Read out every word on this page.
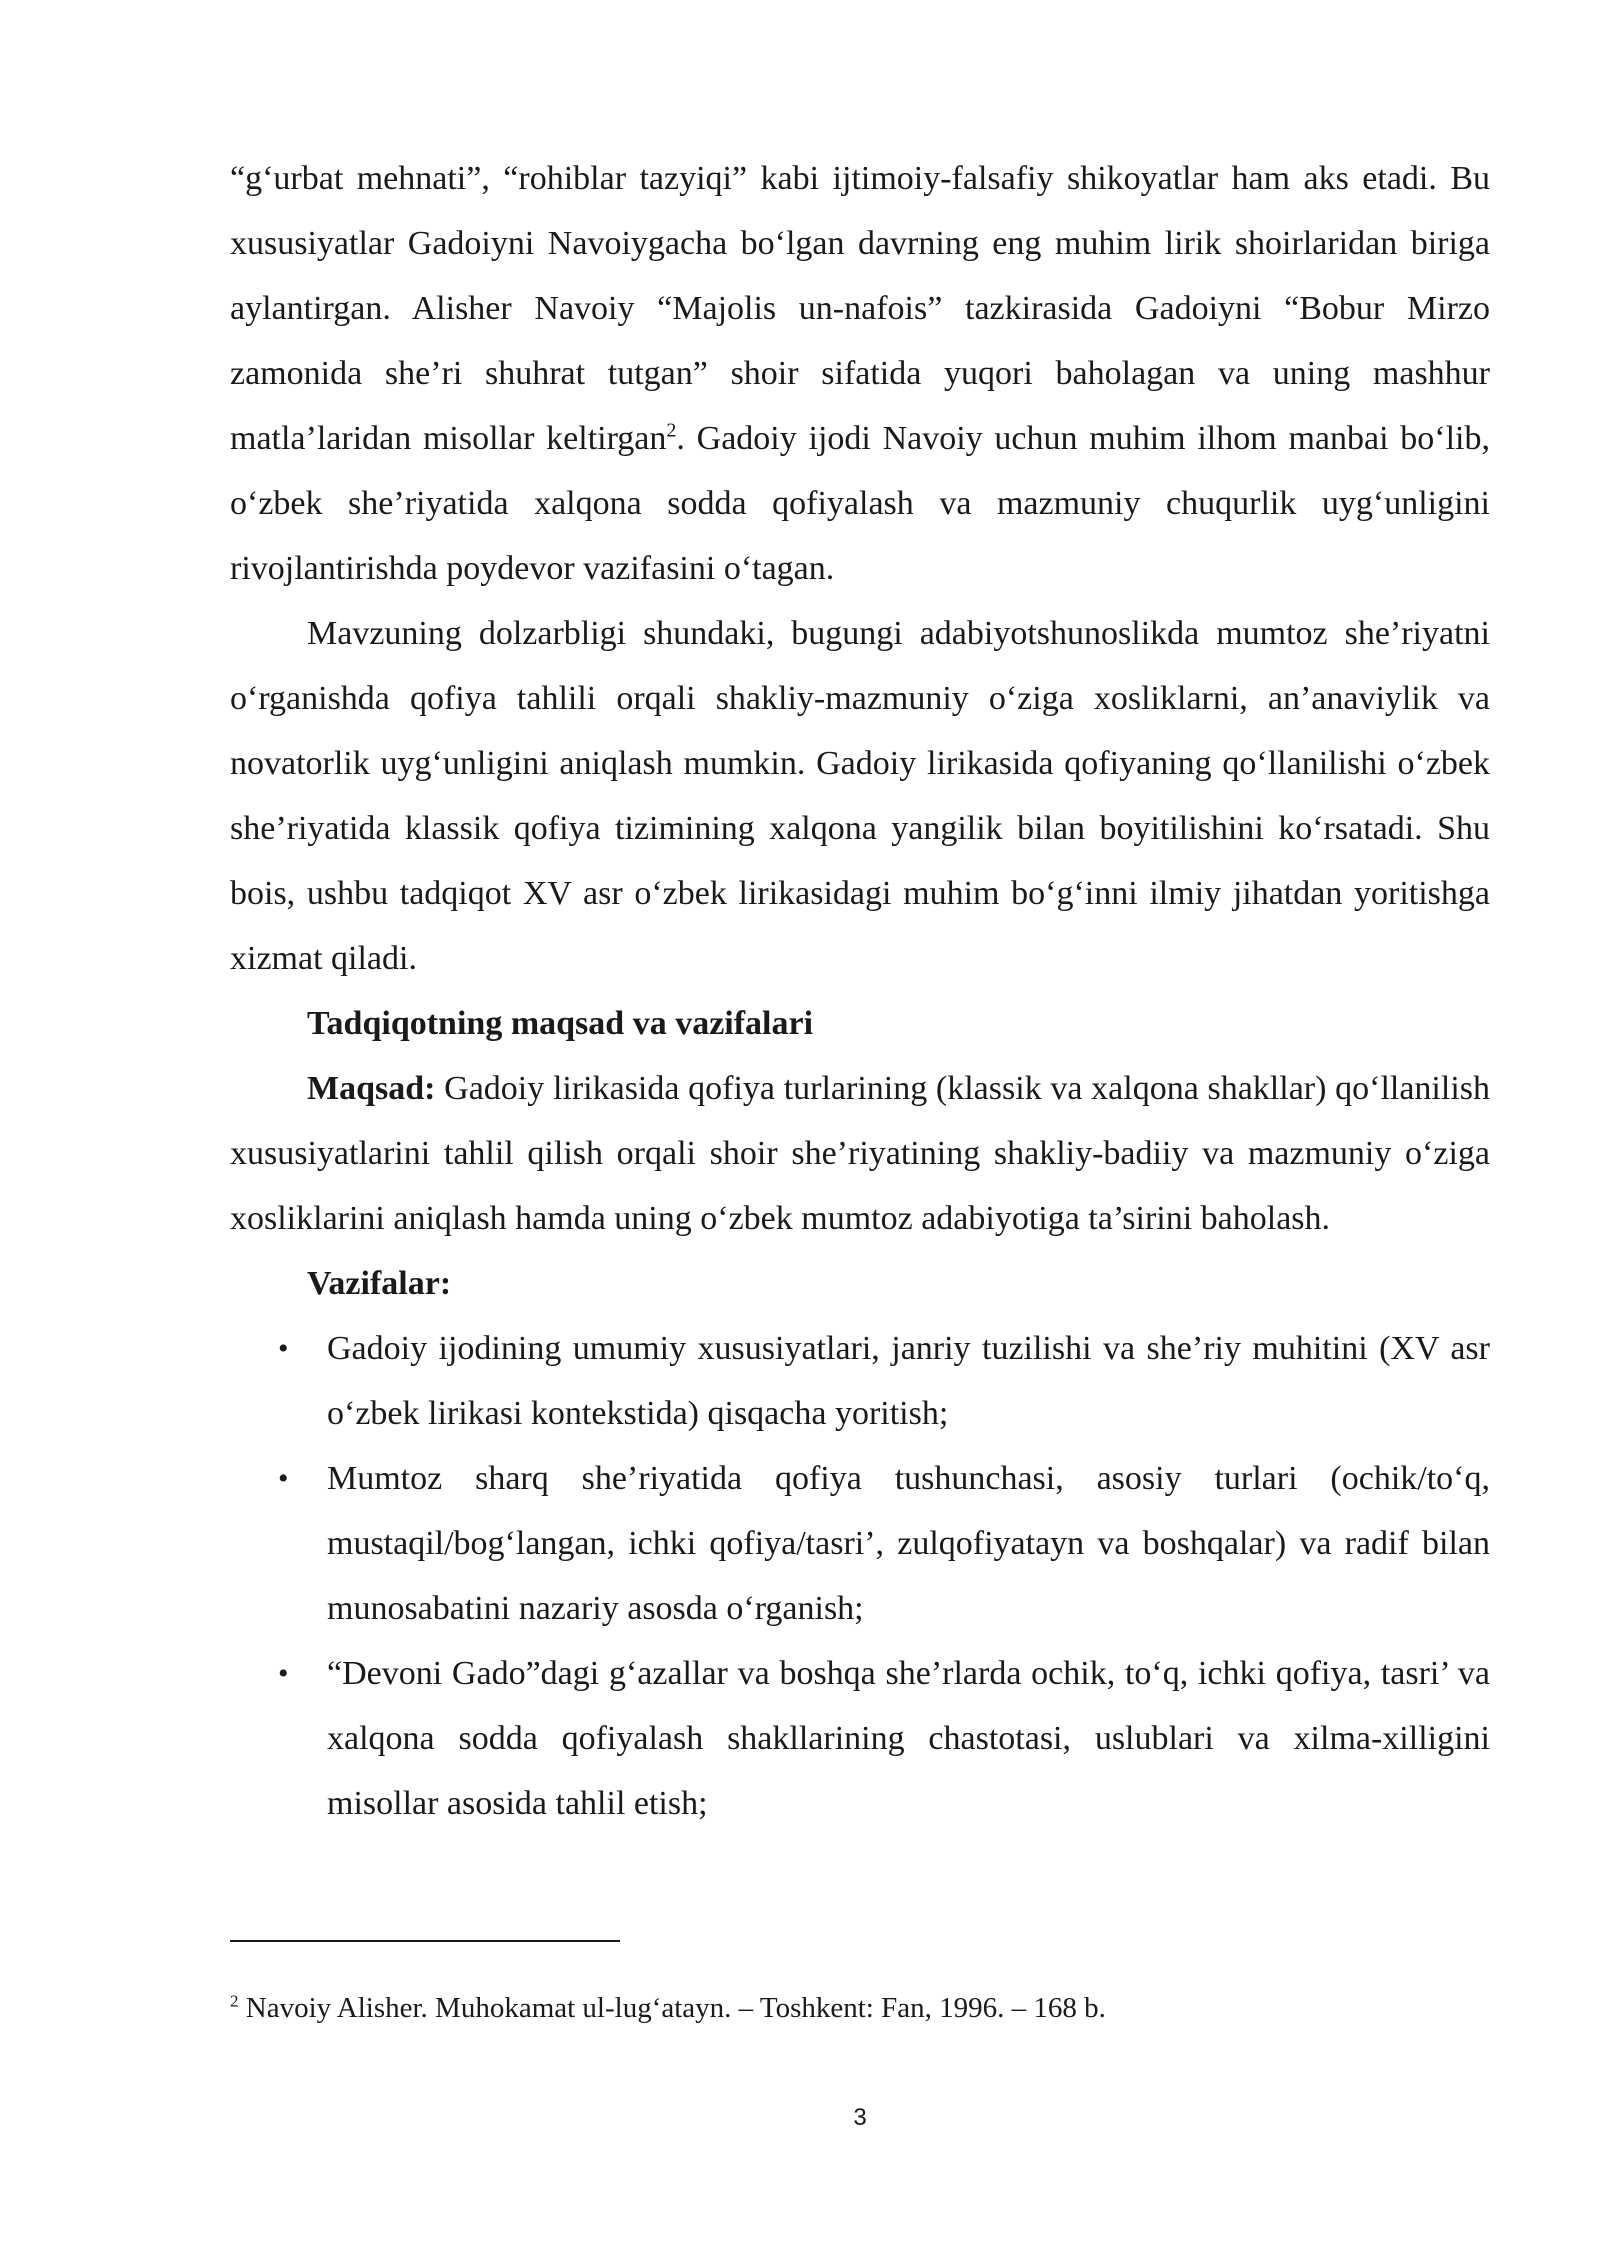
“g‘urbat mehnati”, “rohiblar tazyiqi” kabi ijtimoiy-falsafiy shikoyatlar ham aks etadi. Bu xususiyatlar Gadoiyni Navoiygacha bo‘lgan davrning eng muhim lirik shoirlaridan biriga aylantirgan. Alisher Navoiy “Majolis un-nafois” tazkirasida Gadoiyni “Bobur Mirzo zamonida she’ri shuhrat tutgan” shoir sifatida yuqori baholagan va uning mashhur matla’laridan misollar keltirgan$^2$. Gadoiy ijodi Navoiy uchun muhim ilhom manbai bo‘lib, o‘zbek she’riyatida xalqona sodda qofiyalash va mazmuniy chuqurlik uyg‘unligini rivojlantirishda poydevor vazifasini o‘tagan.

Mavzuning dolzarbligi shundaki, bugungi adabiyotshunoslikda mumtoz she’riyatni o‘rganishda qofiya tahlili orqali shakliy-mazmuniy o‘ziga xosliklarni, an’anaviylik va novatorlik uyg‘unligini aniqlash mumkin. Gadoiy lirikasida qofiyaning qo‘llanilishi o‘zbek she’riyatida klassik qofiya tizimining xalqona yangilik bilan boyitilishini ko‘rsatadi. Shu bois, ushbu tadqiqot XV asr o‘zbek lirikasidagi muhim bo‘g‘inni ilmiy jihatdan yoritishga xizmat qiladi.

Tadqiqotning maqsad va vazifalari

Maqsad: Gadoiy lirikasida qofiya turlarining (klassik va xalqona shakllar) qo‘llanilish xususiyatlarini tahlil qilish orqali shoir she’riyatining shakliy-badiiy va mazmuniy o‘ziga xosliklarini aniqlash hamda uning o‘zbek mumtoz adabiyotiga ta’sirini baholash.

Vazifalar:

• Gadoiy ijodining umumiy xususiyatlari, janriy tuzilishi va she’riy muhitini (XV asr o‘zbek lirikasi kontekstida) qisqacha yoritish;
• Mumtoz sharq she’riyatida qofiya tushunchasi, asosiy turlari (ochik/to‘q, mustaqil/bog‘langan, ichki qofiya/tasri’, zulqofiyatayn va boshqalar) va radif bilan munosabatini nazariy asosda o‘rganish;
• “Devoni Gado”dagi g‘azallar va boshqa she’rlarda ochik, to‘q, ichki qofiya, tasri’ va xalqona sodda qofiyalash shakllarining chastotasi, uslublari va xilma-xilligini misollar asosida tahlil etish;
$^2$ Navoiy Alisher. Muhokamat ul-lug‘atayn. – Toshkent: Fan, 1996. – 168 b.
3
